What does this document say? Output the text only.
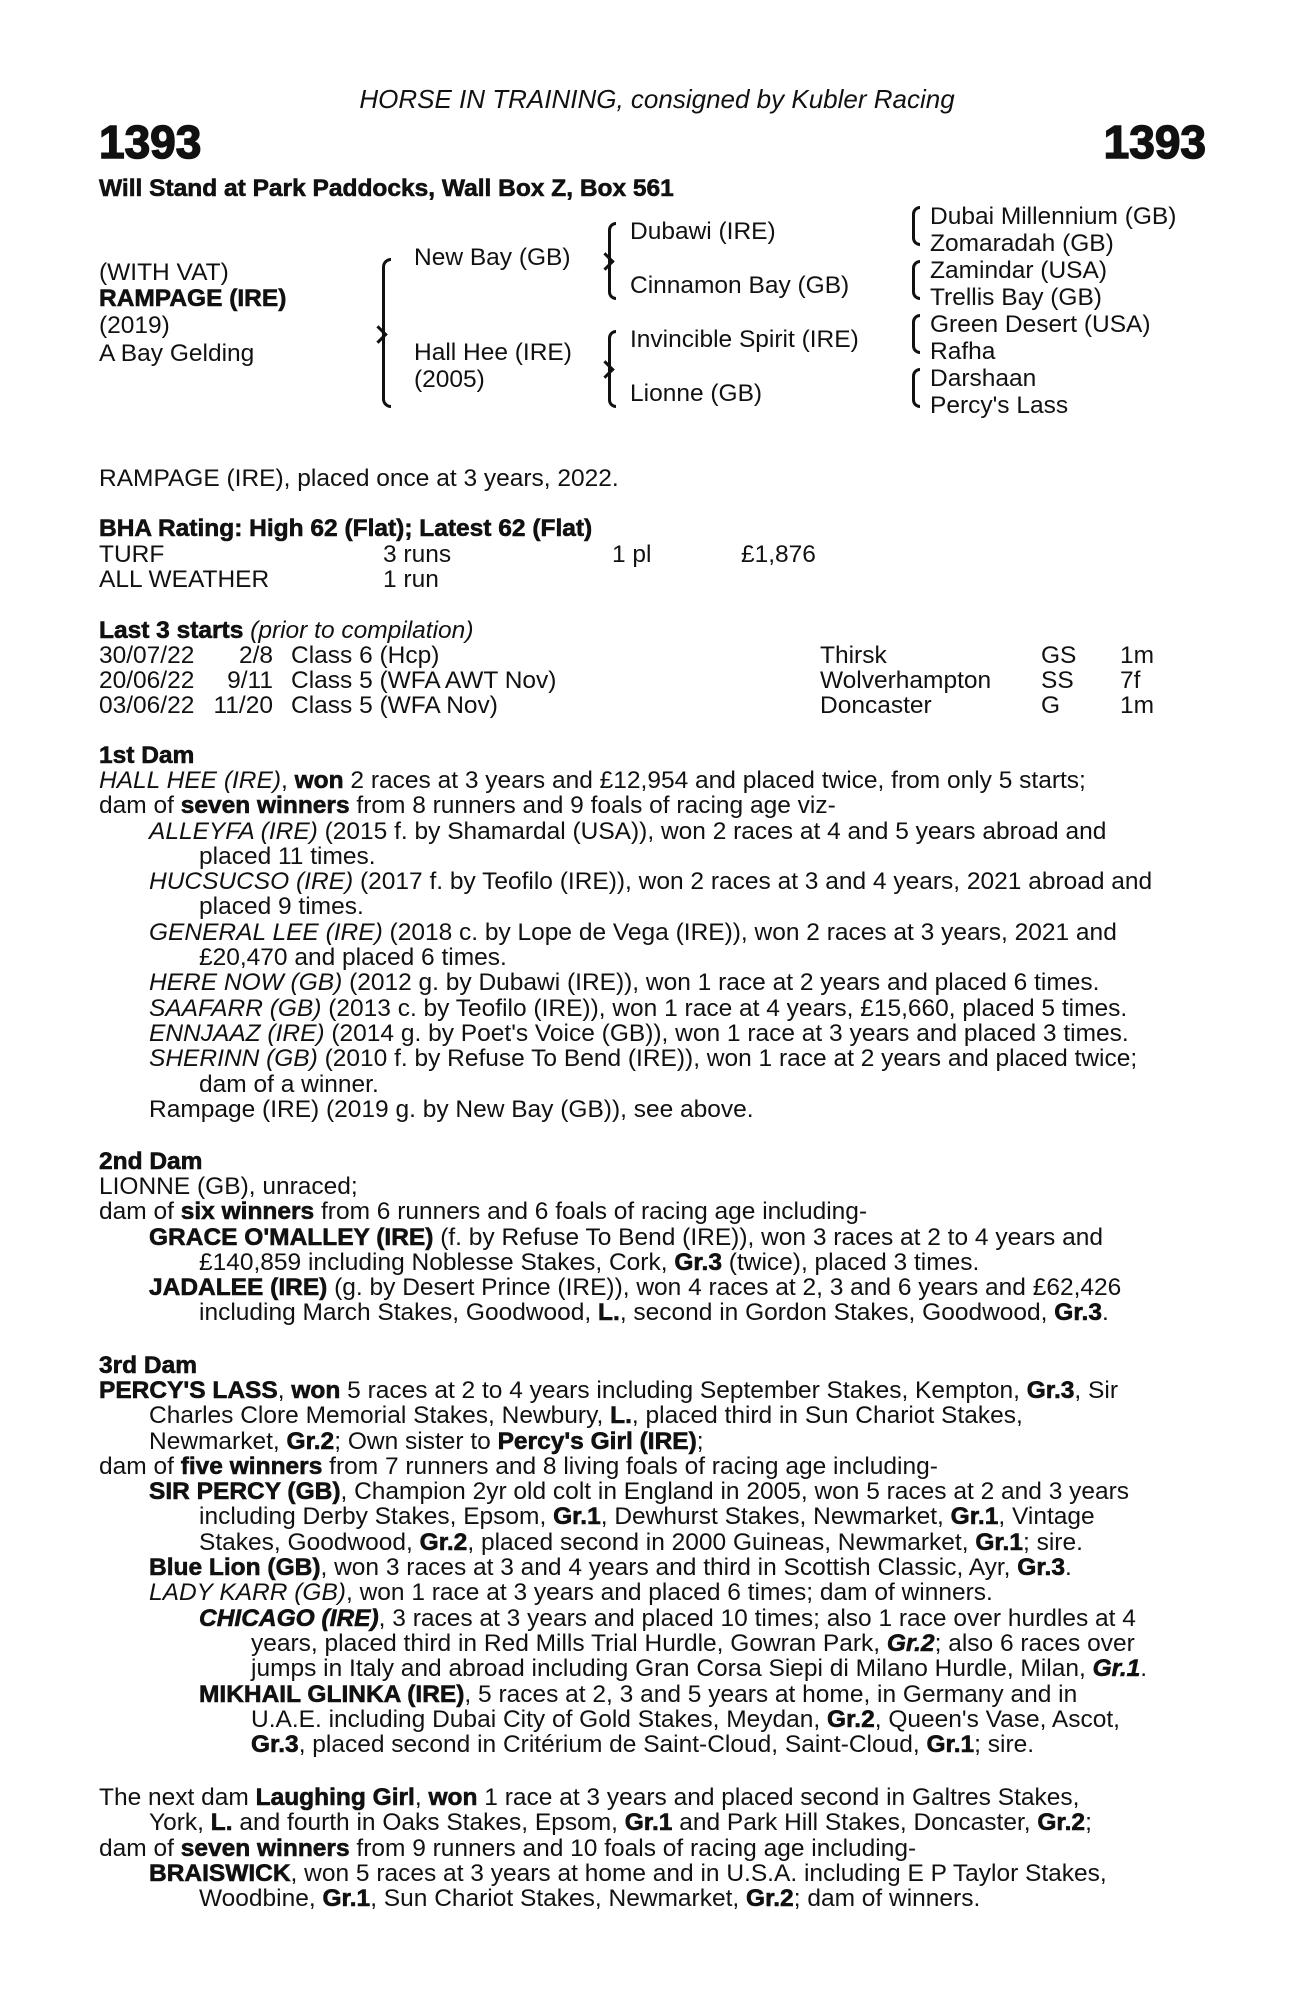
HORSE IN TRAINING, consigned by Kubler Racing
1393	1393
Will Stand at Park Paddocks, Wall Box Z, Box 561
(WITH VAT)
RAMPAGE (IRE)
(2019)
A Bay Gelding
New Bay (GB)
Hall Hee (IRE)
(2005)
Dubawi (IRE)
Cinnamon Bay (GB)
Invincible Spirit (IRE)
Lionne (GB)
Dubai Millennium (GB)
Zomaradah (GB)
Zamindar (USA)
Trellis Bay (GB)
Green Desert (USA)
Rafha
Darshaan
Percy's Lass
RAMPAGE (IRE), placed once at 3 years, 2022.
BHA Rating: High 62 (Flat); Latest 62 (Flat)
TURF	3 runs	1 pl	£1,876
ALL WEATHER	1 run
Last 3 starts (prior to compilation)
30/07/22	2/8 Class 6 (Hcp)	Thirsk	GS 1m
20/06/22	9/11 Class 5 (WFA AWT Nov)	Wolverhampton SS 7f
03/06/22 11/20 Class 5 (WFA Nov)	Doncaster	G 1m
1st Dam
HALL HEE (IRE), won 2 races at 3 years and £12,954 and placed twice, from only 5 starts;
dam of seven winners from 8 runners and 9 foals of racing age viz-
ALLEYFA (IRE) (2015 f. by Shamardal (USA)), won 2 races at 4 and 5 years abroad and
placed 11 times.
HUCSUCSO (IRE) (2017 f. by Teofilo (IRE)), won 2 races at 3 and 4 years, 2021 abroad and
placed 9 times.
GENERAL LEE (IRE) (2018 c. by Lope de Vega (IRE)), won 2 races at 3 years, 2021 and
£20,470 and placed 6 times.
HERE NOW (GB) (2012 g. by Dubawi (IRE)), won 1 race at 2 years and placed 6 times.
SAAFARR (GB) (2013 c. by Teofilo (IRE)), won 1 race at 4 years, £15,660, placed 5 times.
ENNJAAZ (IRE) (2014 g. by Poet's Voice (GB)), won 1 race at 3 years and placed 3 times.
SHERINN (GB) (2010 f. by Refuse To Bend (IRE)), won 1 race at 2 years and placed twice;
dam of a winner.
Rampage (IRE) (2019 g. by New Bay (GB)), see above.
2nd Dam
LIONNE (GB), unraced;
dam of six winners from 6 runners and 6 foals of racing age including-
GRACE O'MALLEY (IRE) (f. by Refuse To Bend (IRE)), won 3 races at 2 to 4 years and
£140,859 including Noblesse Stakes, Cork, Gr.3 (twice), placed 3 times.
JADALEE (IRE) (g. by Desert Prince (IRE)), won 4 races at 2, 3 and 6 years and £62,426
including March Stakes, Goodwood, L., second in Gordon Stakes, Goodwood, Gr.3.
3rd Dam
PERCY'S LASS, won 5 races at 2 to 4 years including September Stakes, Kempton, Gr.3, Sir
Charles Clore Memorial Stakes, Newbury, L., placed third in Sun Chariot Stakes,
Newmarket, Gr.2; Own sister to Percy's Girl (IRE);
dam of five winners from 7 runners and 8 living foals of racing age including-
SIR PERCY (GB), Champion 2yr old colt in England in 2005, won 5 races at 2 and 3 years
including Derby Stakes, Epsom, Gr.1, Dewhurst Stakes, Newmarket, Gr.1, Vintage
Stakes, Goodwood, Gr.2, placed second in 2000 Guineas, Newmarket, Gr.1; sire.
Blue Lion (GB), won 3 races at 3 and 4 years and third in Scottish Classic, Ayr, Gr.3.
LADY KARR (GB), won 1 race at 3 years and placed 6 times; dam of winners.
CHICAGO (IRE), 3 races at 3 years and placed 10 times; also 1 race over hurdles at 4
years, placed third in Red Mills Trial Hurdle, Gowran Park, Gr.2; also 6 races over
jumps in Italy and abroad including Gran Corsa Siepi di Milano Hurdle, Milan, Gr.1.
MIKHAIL GLINKA (IRE), 5 races at 2, 3 and 5 years at home, in Germany and in
U.A.E. including Dubai City of Gold Stakes, Meydan, Gr.2, Queen's Vase, Ascot,
Gr.3, placed second in Critérium de Saint-Cloud, Saint-Cloud, Gr.1; sire.
The next dam Laughing Girl, won 1 race at 3 years and placed second in Galtres Stakes,
York, L. and fourth in Oaks Stakes, Epsom, Gr.1 and Park Hill Stakes, Doncaster, Gr.2;
dam of seven winners from 9 runners and 10 foals of racing age including-
BRAISWICK, won 5 races at 3 years at home and in U.S.A. including E P Taylor Stakes,
Woodbine, Gr.1, Sun Chariot Stakes, Newmarket, Gr.2; dam of winners.
